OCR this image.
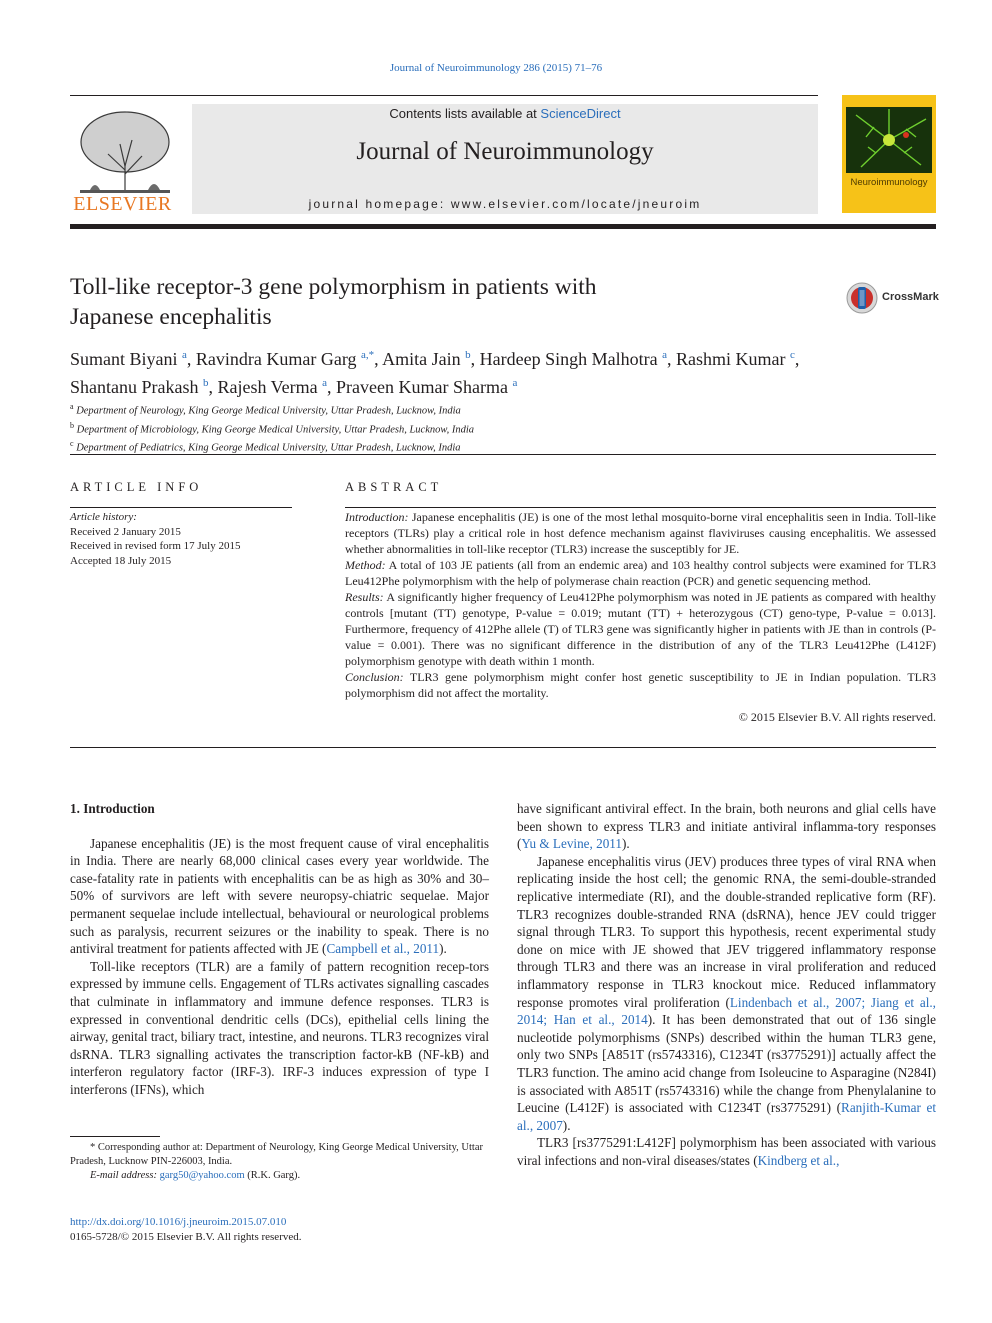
Journal of Neuroimmunology 286 (2015) 71–76
ELSEVIER
Contents lists available at ScienceDirect
Journal of Neuroimmunology
journal homepage: www.elsevier.com/locate/jneuroim
Neuroimmunology
Toll-like receptor-3 gene polymorphism in patients with
Japanese encephalitis
CrossMark
Sumant Biyani $^a$, Ravindra Kumar Garg $^{a,*}$, Amita Jain $^b$, Hardeep Singh Malhotra $^a$, Rashmi Kumar $^c$,
Shantanu Prakash $^b$, Rajesh Verma $^a$, Praveen Kumar Sharma $^a$
$^a$ Department of Neurology, King George Medical University, Uttar Pradesh, Lucknow, India
$^b$ Department of Microbiology, King George Medical University, Uttar Pradesh, Lucknow, India
$^c$ Department of Pediatrics, King George Medical University, Uttar Pradesh, Lucknow, India
ARTICLE INFO
Article history:
Received 2 January 2015
Received in revised form 17 July 2015
Accepted 18 July 2015
ABSTRACT

Introduction: Japanese encephalitis (JE) is one of the most lethal mosquito-borne viral encephalitis seen in India. Toll-like receptors (TLRs) play a critical role in host defence mechanism against flaviviruses causing encephalitis. We assessed whether abnormalities in toll-like receptor (TLR3) increase the susceptibly for JE.

Method: A total of 103 JE patients (all from an endemic area) and 103 healthy control subjects were examined for TLR3 Leu412Phe polymorphism with the help of polymerase chain reaction (PCR) and genetic sequencing method.

Results: A significantly higher frequency of Leu412Phe polymorphism was noted in JE patients as compared with healthy controls [mutant (TT) genotype, P-value = 0.019; mutant (TT) + heterozygous (CT) geno-type, P-value = 0.013]. Furthermore, frequency of 412Phe allele (T) of TLR3 gene was significantly higher in patients with JE than in controls (P-value = 0.001). There was no significant difference in the distribution of any of the TLR3 Leu412Phe (L412F) polymorphism genotype with death within 1 month.

Conclusion: TLR3 gene polymorphism might confer host genetic susceptibility to JE in Indian population. TLR3 polymorphism did not affect the mortality.

© 2015 Elsevier B.V. All rights reserved.

1. Introduction

Japanese encephalitis (JE) is the most frequent cause of viral encephalitis in India. There are nearly 68,000 clinical cases every year worldwide. The case-fatality rate in patients with encephalitis can be as high as 30% and 30–50% of survivors are left with severe neuropsy-chiatric sequelae. Major permanent sequelae include intellectual, behavioural or neurological problems such as paralysis, recurrent seizures or the inability to speak. There is no antiviral treatment for patients affected with JE (Campbell et al., 2011).

Toll-like receptors (TLR) are a family of pattern recognition recep-tors expressed by immune cells. Engagement of TLRs activates signalling cascades that culminate in inflammatory and immune defence responses. TLR3 is expressed in conventional dendritic cells (DCs), epithelial cells lining the airway, genital tract, biliary tract, intestine, and neurons. TLR3 recognizes viral dsRNA. TLR3 signalling activates the transcription factor-kB (NF-kB) and interferon regulatory factor (IRF-3). IRF-3 induces expression of type I interferons (IFNs), which

have significant antiviral effect. In the brain, both neurons and glial cells have been shown to express TLR3 and initiate antiviral inflamma-tory responses (Yu & Levine, 2011).

Japanese encephalitis virus (JEV) produces three types of viral RNA when replicating inside the host cell; the genomic RNA, the semi-double-stranded replicative intermediate (RI), and the double-stranded replicative form (RF). TLR3 recognizes double-stranded RNA (dsRNA), hence JEV could trigger signal through TLR3. To support this hypothesis, recent experimental study done on mice with JE showed that JEV triggered inflammatory response through TLR3 and there was an increase in viral proliferation and reduced inflammatory response in TLR3 knockout mice. Reduced inflammatory response promotes viral proliferation (Lindenbach et al., 2007; Jiang et al., 2014; Han et al., 2014). It has been demonstrated that out of 136 single nucleotide polymorphisms (SNPs) described within the human TLR3 gene, only two SNPs [A851T (rs5743316), C1234T (rs3775291)] actually affect the TLR3 function. The amino acid change from Isoleucine to Asparagine (N284I) is associated with A851T (rs5743316) while the change from Phenylalanine to Leucine (L412F) is associated with C1234T (rs3775291) (Ranjith-Kumar et al., 2007).

TLR3 [rs3775291:L412F] polymorphism has been associated with various viral infections and non-viral diseases/states (Kindberg et al.,

* Corresponding author at: Department of Neurology, King George Medical University, Uttar Pradesh, Lucknow PIN-226003, India.
E-mail address: garg50@yahoo.com (R.K. Garg).
http://dx.doi.org/10.1016/j.jneuroim.2015.07.010
0165-5728/© 2015 Elsevier B.V. All rights reserved.
